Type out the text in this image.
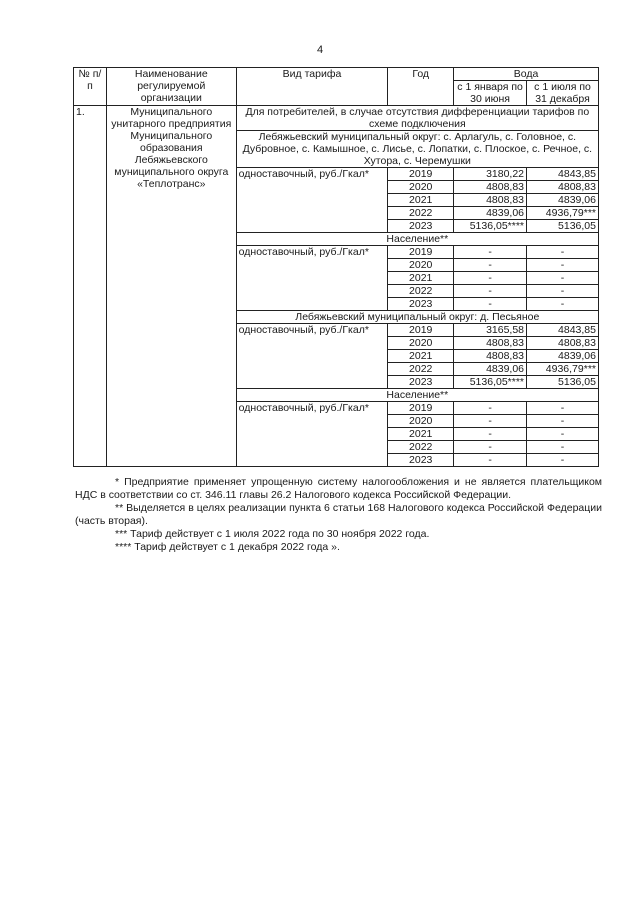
4
№ п/п	Наименование регулируемой организации	Вид тарифа	Год	Вода	
				с 1 января по 30 июня	с 1 июля по 31 декабря
1.	Муниципального унитарного предприятия Муниципального образования Лебяжьевского муниципального округа «Теплотранс»	Для потребителей, в случае отсутствия дифференциации тарифов по схеме подключения			
		Лебяжьевский муниципальный округ: с. Арлагуль, с. Головное, с. Дубровное, с. Камышное, с. Лисье, с. Лопатки, с. Плоское, с. Речное, с. Хутора, с. Черемушки			
		одноставочный, руб./Гкал*	2019	3180,22	4843,85
			2020	4808,83	4808,83
			2021	4808,83	4839,06
			2022	4839,06	4936,79***
			2023	5136,05****	5136,05
		Население**			
		одноставочный, руб./Гкал*	2019	-	-
			2020	-	-
			2021	-	-
			2022	-	-
			2023	-	-
		Лебяжьевский муниципальный округ: д. Песьяное			
		одноставочный, руб./Гкал*	2019	3165,58	4843,85
			2020	4808,83	4808,83
			2021	4808,83	4839,06
			2022	4839,06	4936,79***
			2023	5136,05****	5136,05
		Население**			
		одноставочный, руб./Гкал*	2019	-	-
			2020	-	-
			2021	-	-
			2022	-	-
			2023	-	-

* Предприятие применяет упрощенную систему налогообложения и не является плательщиком НДС в соответствии со ст. 346.11 главы 26.2 Налогового кодекса Российской Федерации.

** Выделяется в целях реализации пункта 6 статьи 168 Налогового кодекса Российской Федерации (часть вторая).

*** Тариф действует с 1 июля 2022 года по 30 ноября 2022 года.

**** Тариф действует с 1 декабря 2022 года ».
